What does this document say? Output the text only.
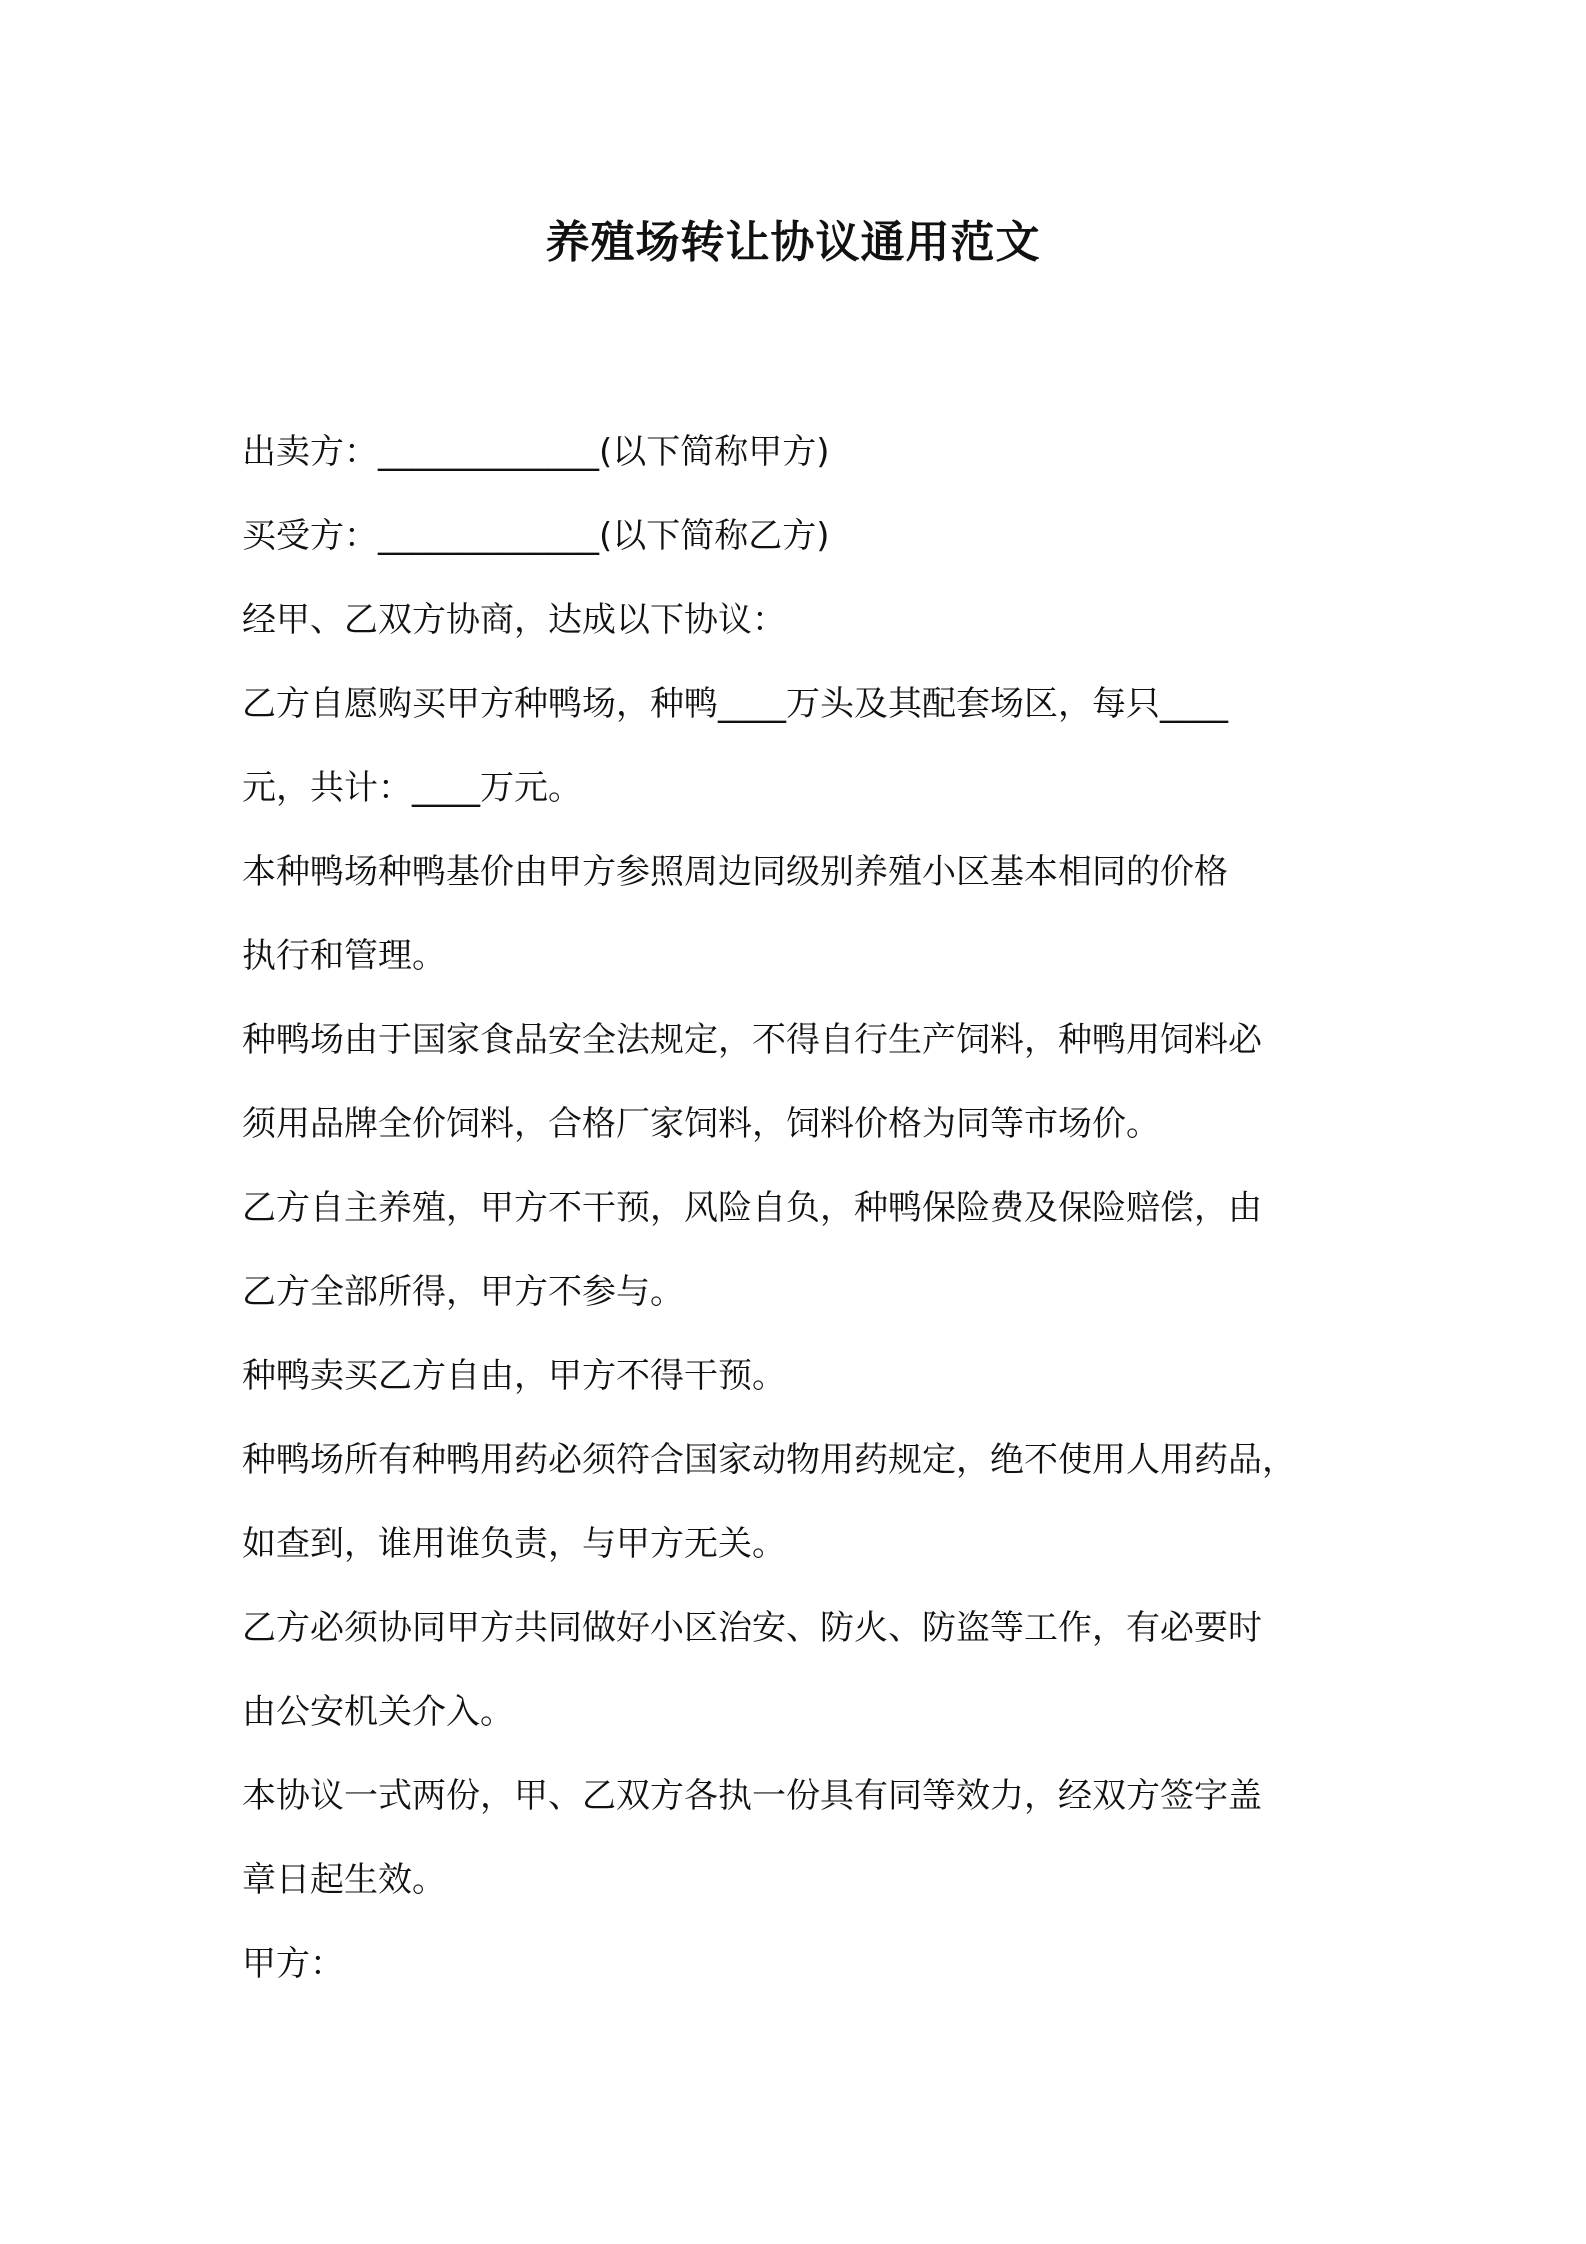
养殖场转让协议通用范文
出卖方：_____________(以下简称甲方)
买受方：_____________(以下简称乙方)
经甲、乙双方协商，达成以下协议：
乙方自愿购买甲方种鸭场，种鸭____万头及其配套场区，每只____
元，共计：____万元。
本种鸭场种鸭基价由甲方参照周边同级别养殖小区基本相同的价格
执行和管理。
种鸭场由于国家食品安全法规定，不得自行生产饲料，种鸭用饲料必
须用品牌全价饲料，合格厂家饲料，饲料价格为同等市场价。
乙方自主养殖，甲方不干预，风险自负，种鸭保险费及保险赔偿，由
乙方全部所得，甲方不参与。
种鸭卖买乙方自由，甲方不得干预。
种鸭场所有种鸭用药必须符合国家动物用药规定，绝不使用人用药品，
如查到，谁用谁负责，与甲方无关。
乙方必须协同甲方共同做好小区治安、防火、防盗等工作，有必要时
由公安机关介入。
本协议一式两份，甲、乙双方各执一份具有同等效力，经双方签字盖
章日起生效。
甲方：
